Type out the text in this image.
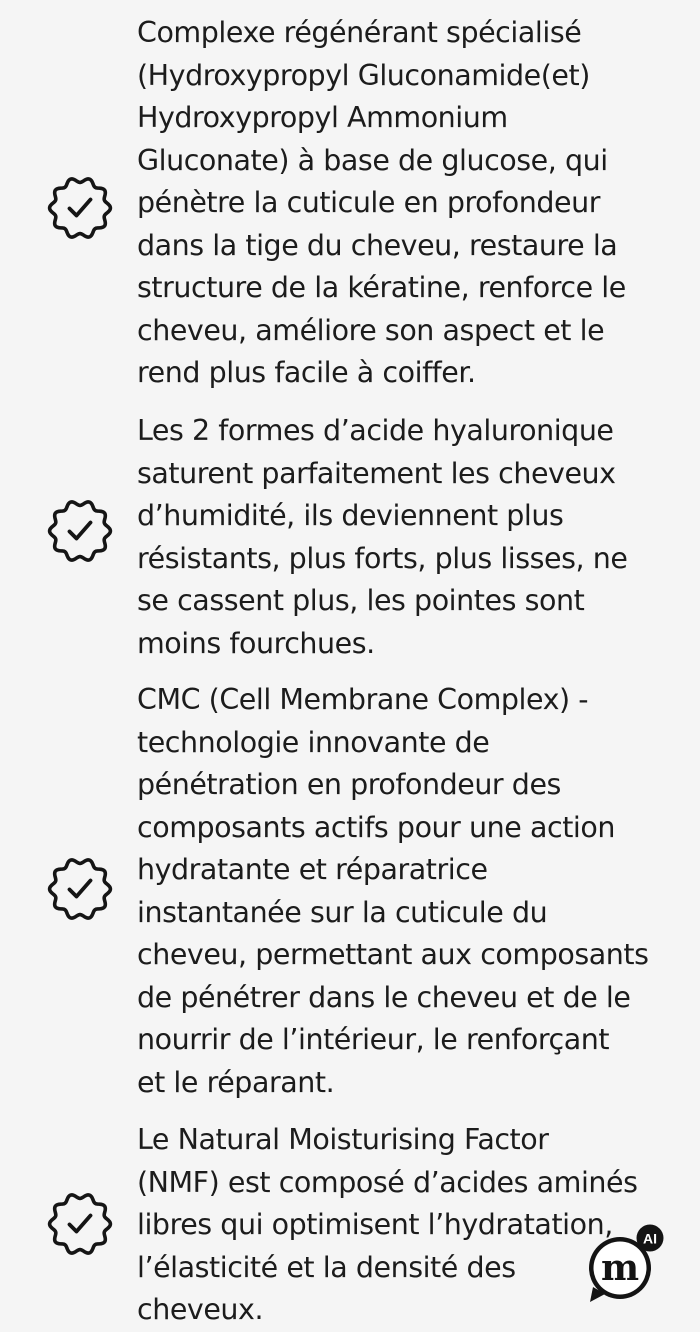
Complexe régénérant spécialisé
(Hydroxypropyl Gluconamide(et)
Hydroxypropyl Ammonium
Gluconate) à base de glucose, qui
pénètre la cuticule en profondeur
dans la tige du cheveu, restaure la
structure de la kératine, renforce le
cheveu, améliore son aspect et le
rend plus facile à coiffer.

Les 2 formes d’acide hyaluronique
saturent parfaitement les cheveux
d’humidité, ils deviennent plus
résistants, plus forts, plus lisses, ne
se cassent plus, les pointes sont
moins fourchues.

CMC (Cell Membrane Complex) -
technologie innovante de
pénétration en profondeur des
composants actifs pour une action
hydratante et réparatrice
instantanée sur la cuticule du
cheveu, permettant aux composants
de pénétrer dans le cheveu et de le
nourrir de l’intérieur, le renforçant
et le réparant.

Le Natural Moisturising Factor
(NMF) est composé d’acides aminés
libres qui optimisent l’hydratation,
l’élasticité et la densité des
cheveux.

m
AI
